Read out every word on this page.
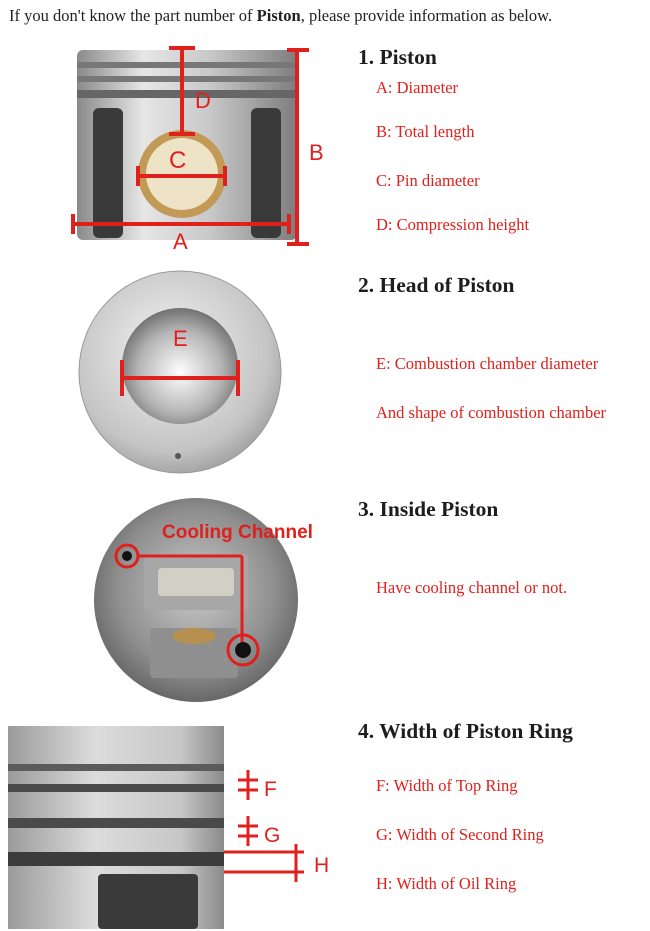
If you don't know the part number of Piston, please provide information as below.
D
C	B
A
1. Piston
A: Diameter
B: Total length
C: Pin diameter
D: Compression height
E
2. Head of Piston
E: Combustion chamber diameter
And shape of combustion chamber
Cooling Channel
3. Inside Piston
Have cooling channel or not.
F
G
H
4. Width of Piston Ring
F: Width of Top Ring
G: Width of Second Ring
H: Width of Oil Ring
